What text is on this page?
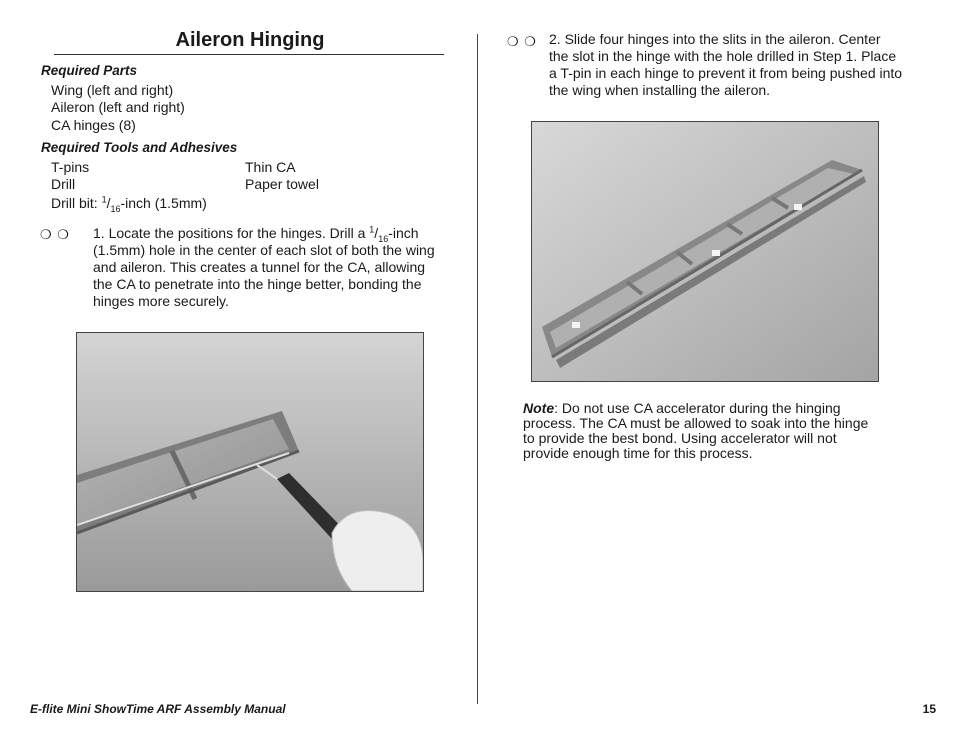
Aileron Hinging
Required Parts
Wing (left and right)
Aileron (left and right)
CA hinges (8)
Required Tools and Adhesives
T-pins	Thin CA
Drill	Paper towel
Drill bit: $^1/_{16}$-inch (1.5mm)
❍ ❍ 1. Locate the positions for the hinges. Drill a $^1/_{16}$-inch
(1.5mm) hole in the center of each slot of both the wing
and aileron. This creates a tunnel for the CA, allowing
the CA to penetrate into the hinge better, bonding the
hinges more securely.
❍ ❍ 2. Slide four hinges into the slits in the aileron. Center
the slot in the hinge with the hole drilled in Step 1. Place
a T-pin in each hinge to prevent it from being pushed into
the wing when installing the aileron.
Note: Do not use CA accelerator during the hinging
process. The CA must be allowed to soak into the hinge
to provide the best bond. Using accelerator will not
provide enough time for this process.
E-flite Mini ShowTime ARF Assembly Manual	15
